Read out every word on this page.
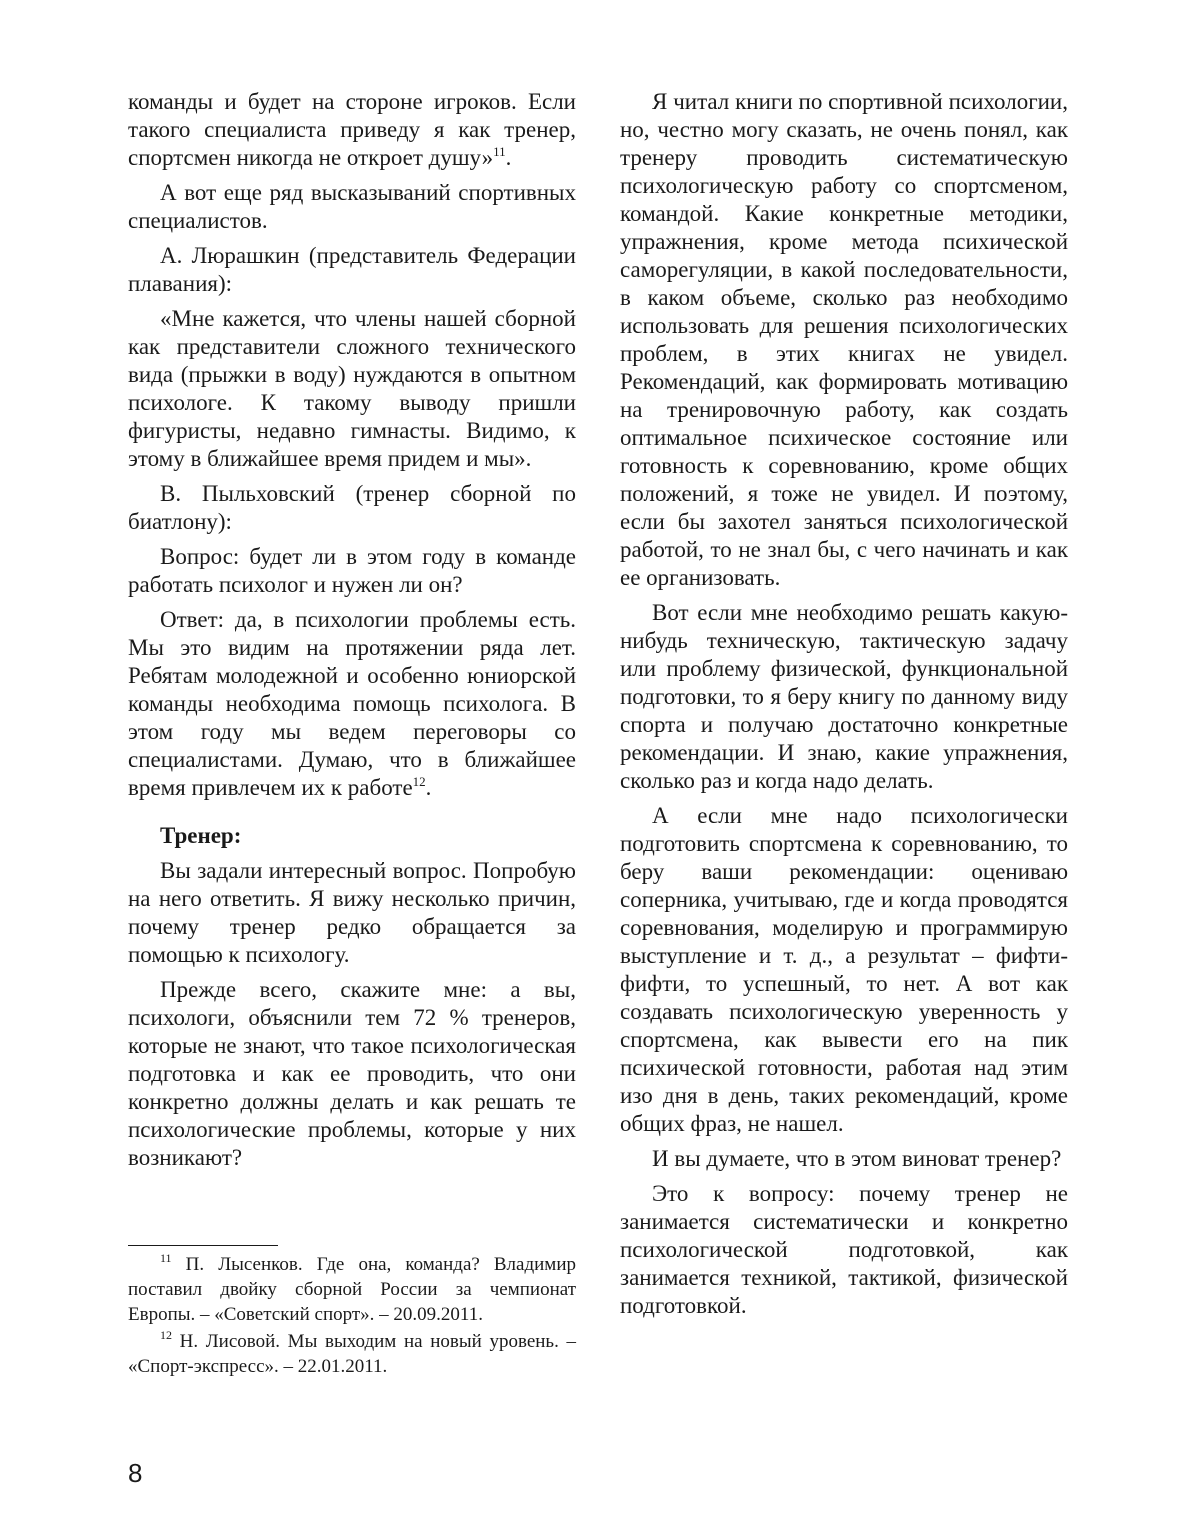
команды и будет на стороне игроков. Если такого специалиста приведу я как тренер, спортсмен никогда не откроет душу»$^{11}$.

А вот еще ряд высказываний спортивных специалистов.

А. Люрашкин (представитель Федерации плавания):

«Мне кажется, что члены нашей сборной как представители сложного технического вида (прыжки в воду) нуждаются в опытном психологе. К такому выводу пришли фигуристы, недавно гимнасты. Видимо, к этому в ближайшее время придем и мы».

В. Пыльховский (тренер сборной по биатлону):

Вопрос: будет ли в этом году в команде работать психолог и нужен ли он?

Ответ: да, в психологии проблемы есть. Мы это видим на протяжении ряда лет. Ребятам молодежной и особенно юниорской команды необходима помощь психолога. В этом году мы ведем переговоры со специалистами. Думаю, что в ближайшее время привлечем их к работе$^{12}$.

Тренер:

Вы задали интересный вопрос. Попробую на него ответить. Я вижу несколько причин, почему тренер редко обращается за помощью к психологу.

Прежде всего, скажите мне: а вы, психологи, объяснили тем 72 % тренеров, которые не знают, что такое психологическая подготовка и как ее проводить, что они конкретно должны делать и как решать те психологические проблемы, которые у них возникают?

Я читал книги по спортивной психологии, но, честно могу сказать, не очень понял, как тренеру проводить систематическую психологическую работу со спортсменом, командой. Какие конкретные методики, упражнения, кроме метода психической саморегуляции, в какой последовательности, в каком объеме, сколько раз необходимо использовать для решения психологических проблем, в этих книгах не увидел. Рекомендаций, как формировать мотивацию на тренировочную работу, как создать оптимальное психическое состояние или готовность к соревнованию, кроме общих положений, я тоже не увидел. И поэтому, если бы захотел заняться психологической работой, то не знал бы, с чего начинать и как ее организовать.

Вот если мне необходимо решать какую-нибудь техническую, тактическую задачу или проблему физической, функциональной подготовки, то я беру книгу по данному виду спорта и получаю достаточно конкретные рекомендации. И знаю, какие упражнения, сколько раз и когда надо делать.

А если мне надо психологически подготовить спортсмена к соревнованию, то беру ваши рекомендации: оцениваю соперника, учитываю, где и когда проводятся соревнования, моделирую и программирую выступление и т. д., а результат – фифти-фифти, то успешный, то нет. А вот как создавать психологическую уверенность у спортсмена, как вывести его на пик психической готовности, работая над этим изо дня в день, таких рекомендаций, кроме общих фраз, не нашел.

И вы думаете, что в этом виноват тренер?

Это к вопросу: почему тренер не занимается систематически и конкретно психологической подготовкой, как занимается техникой, тактикой, физической подготовкой.

$^{11}$ П. Лысенков. Где она, команда? Владимир поставил двойку сборной России за чемпионат Европы. – «Советский спорт». – 20.09.2011.

$^{12}$ Н. Лисовой. Мы выходим на новый уровень. – «Спорт-экспресс». – 22.01.2011.

8
